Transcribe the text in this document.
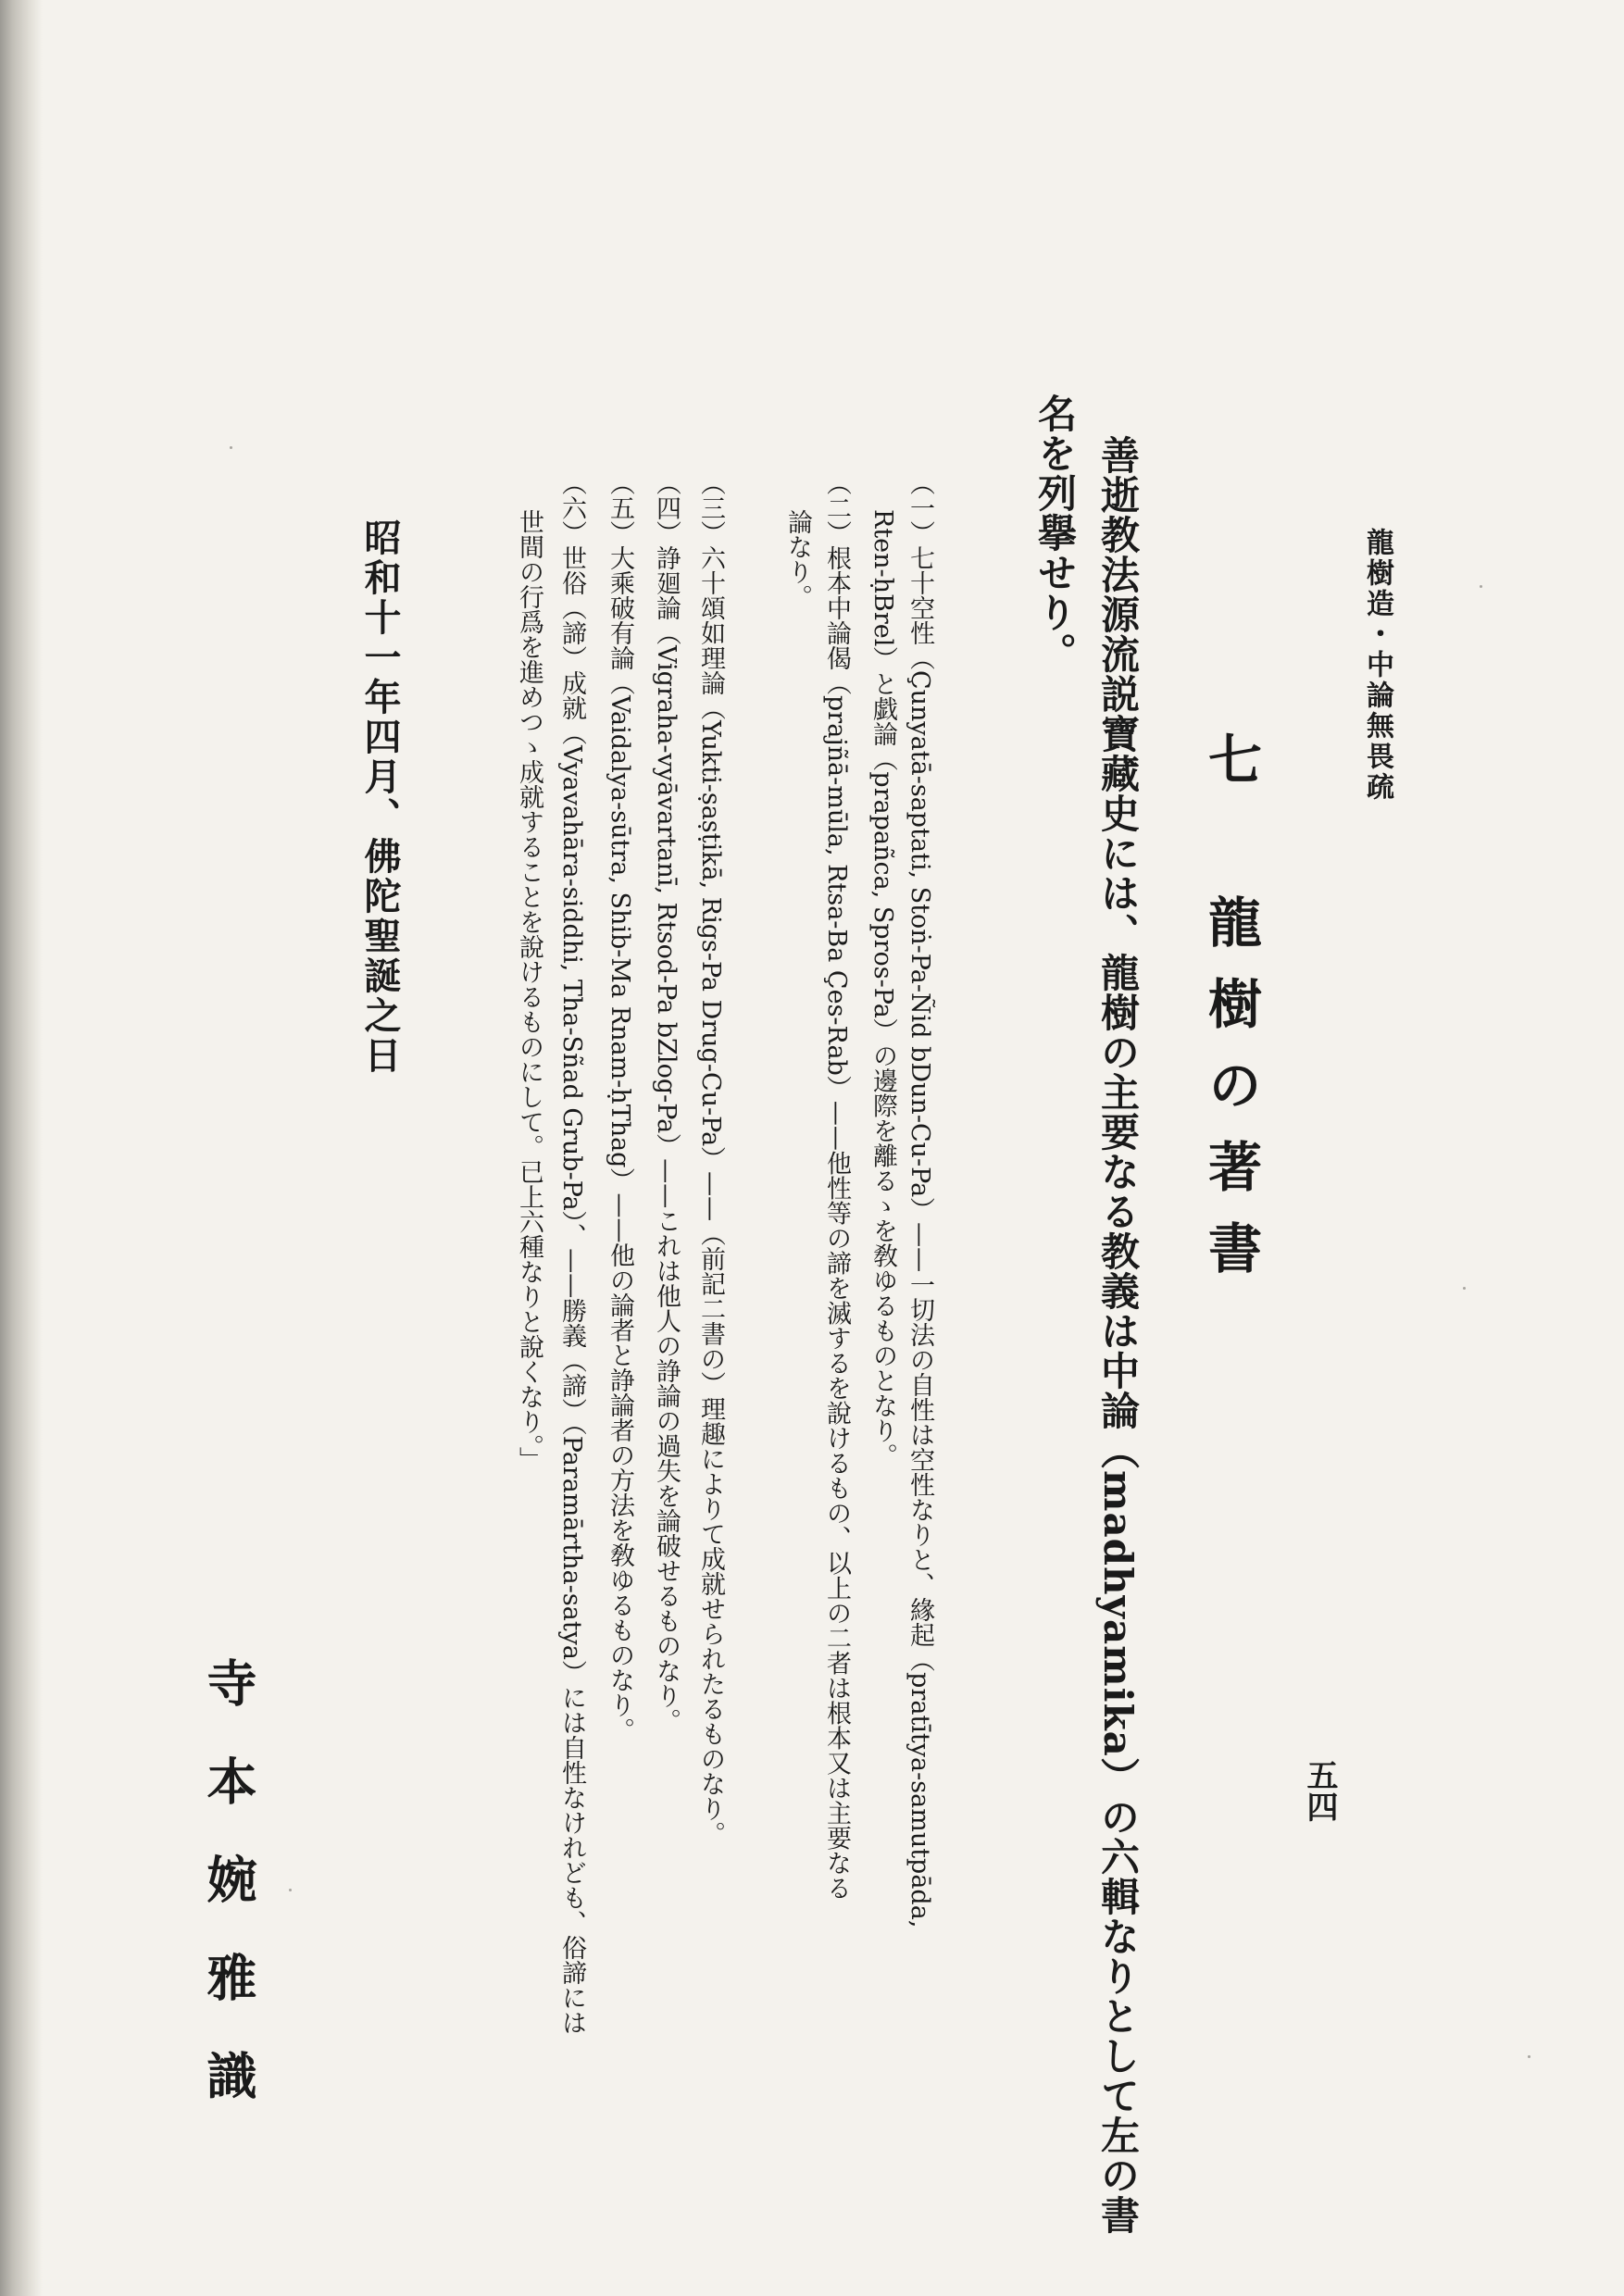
龍樹造・中論無畏疏
五四
七　龍樹の著書
善逝教法源流説寶藏史には、龍樹の主要なる教義は中論（madhyamika）の六輯なりとして左の書
名を列擧せり。
（一）七十空性（Çunyatā-saptati, Stoṅ-Pa-Ñid bDun-Cu-Pa）——一切法の自性は空性なりと、緣起（pratītya-samutpāda,
Rten-ḥBrel）と戯論（prapañca, Spros-Pa）の邊際を離るゝを敎ゆるものとなり。
（二）根本中論偈（prajñā-mūla, Rtsa-Ba Çes-Rab）——他性等の諦を滅するを說けるもの、以上の二者は根本又は主要なる
論なり。
（三）六十頌如理論（Yukti-ṣaṣṭikā, Rigs-Pa Drug-Cu-Pa）——（前記二書の）理趣によりて成就せられたるものなり。
（四）諍廻論（Vigraha-vyāvartanī, Rtsod-Pa bZlog-Pa）——これは他人の諍論の過失を論破せるものなり。
（五）大乘破有論（Vaidalya-sūtra, Shib-Ma Rnam-ḥThag）——他の論者と諍論者の方法を敎ゆるものなり。
（六）世俗（諦）成就（Vyavahāra-siddhi, Tha-Sñad Grub-Pa）、——勝義（諦）（Paramārtha-satya）には自性なけれども、俗諦には
世間の行爲を進めつゝ成就することを說けるものにして。已上六種なりと說くなり。」
昭和十一年四月、佛陀聖誕之日
寺本婉雅識
